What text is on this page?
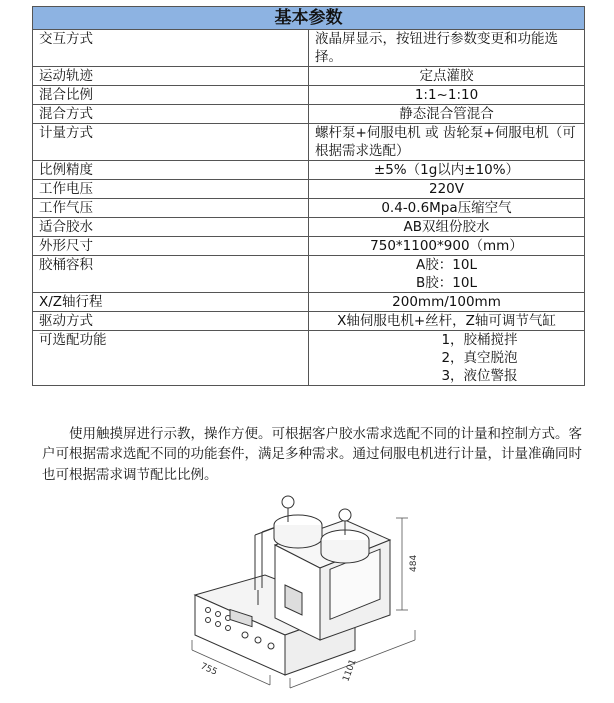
基本参数	
交互方式	液晶屏显示，按钮进行参数变更和功能选择。
运动轨迹	定点灌胶
混合比例	1:1~1:10
混合方式	静态混合管混合
计量方式	螺杆泵+伺服电机 或 齿轮泵+伺服电机（可根据需求选配）
比例精度	±5%（1g以内±10%）
工作电压	220V
工作气压	0.4-0.6Mpa压缩空气
适合胶水	AB双组份胶水
外形尺寸	750*1100*900（mm）
胶桶容积	A胶：10L
B胶：10L

X/Z轴行程	200mm/100mm
驱动方式	X轴伺服电机+丝杆，Z轴可调节气缸
可选配功能	1，胶桶搅拌
2，真空脱泡
3，液位警报

使用触摸屏进行示教，操作方便。可根据客户胶水需求选配不同的计量和控制方式。客户可根据需求选配不同的功能套件，满足多种需求。通过伺服电机进行计量，计量准确同时也可根据需求调节配比比例。

484
755	1101
